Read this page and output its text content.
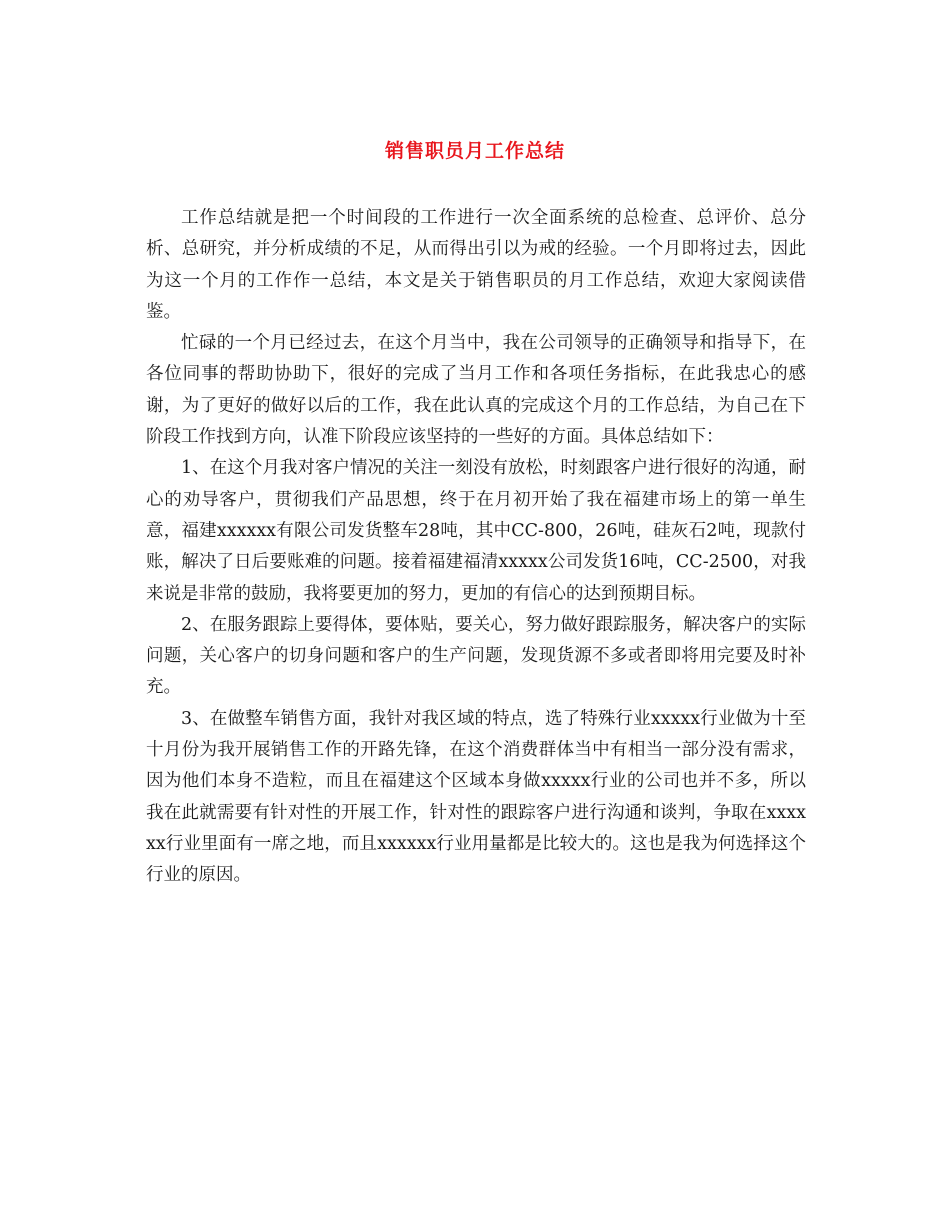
销售职员月工作总结

工作总结就是把一个时间段的工作进行一次全面系统的总检查、总评价、总分析、总研究，并分析成绩的不足，从而得出引以为戒的经验。一个月即将过去，因此为这一个月的工作作一总结，本文是关于销售职员的月工作总结，欢迎大家阅读借鉴。

忙碌的一个月已经过去，在这个月当中，我在公司领导的正确领导和指导下，在各位同事的帮助协助下，很好的完成了当月工作和各项任务指标，在此我忠心的感谢，为了更好的做好以后的工作，我在此认真的完成这个月的工作总结，为自己在下阶段工作找到方向，认准下阶段应该坚持的一些好的方面。具体总结如下：

1、在这个月我对客户情况的关注一刻没有放松，时刻跟客户进行很好的沟通，耐心的劝导客户，贯彻我们产品思想，终于在月初开始了我在福建市场上的第一单生意，福建xxxxxx有限公司发货整车28吨，其中CC-800，26吨，硅灰石2吨，现款付账，解决了日后要账难的问题。接着福建福清xxxxx公司发货16吨，CC-2500，对我来说是非常的鼓励，我将要更加的努力，更加的有信心的达到预期目标。

2、在服务跟踪上要得体，要体贴，要关心，努力做好跟踪服务，解决客户的实际问题，关心客户的切身问题和客户的生产问题，发现货源不多或者即将用完要及时补充。

3、在做整车销售方面，我针对我区域的特点，选了特殊行业xxxxx行业做为十至十月份为我开展销售工作的开路先锋，在这个消费群体当中有相当一部分没有需求，因为他们本身不造粒，而且在福建这个区域本身做xxxxx行业的公司也并不多，所以我在此就需要有针对性的开展工作，针对性的跟踪客户进行沟通和谈判，争取在xxxxxx行业里面有一席之地，而且xxxxxx行业用量都是比较大的。这也是我为何选择这个行业的原因。
